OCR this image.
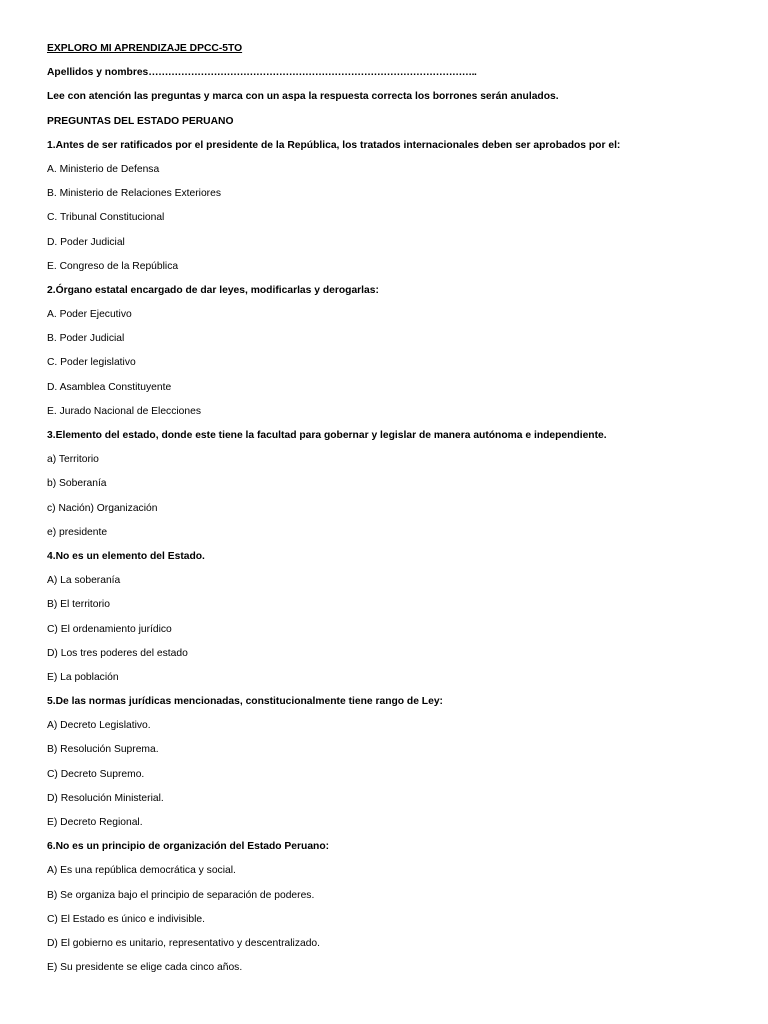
EXPLORO MI APRENDIZAJE DPCC-5TO
Apellidos y nombres………………………………………………………………………………………..
Lee con atención las preguntas y marca con un aspa la respuesta correcta los borrones serán anulados.
PREGUNTAS DEL ESTADO PERUANO
1.Antes de ser ratificados por el presidente de la República, los tratados internacionales deben ser aprobados por el:
A. Ministerio de Defensa
B. Ministerio de Relaciones Exteriores
C. Tribunal Constitucional
D. Poder Judicial
E. Congreso de la República
2.Órgano estatal encargado de dar leyes, modificarlas y derogarlas:
A. Poder Ejecutivo
B. Poder Judicial
C. Poder legislativo
D. Asamblea Constituyente
E. Jurado Nacional de Elecciones
3.Elemento del estado, donde este tiene la facultad para gobernar y legislar de manera autónoma e independiente.
a) Territorio
b) Soberanía
c) Nación) Organización
e) presidente
4.No es un elemento del Estado.
A) La soberanía
B) El territorio
C) El ordenamiento jurídico
D) Los tres poderes del estado
E) La población
5.De las normas jurídicas mencionadas, constitucionalmente tiene rango de Ley:
A) Decreto Legislativo.
B) Resolución Suprema.
C) Decreto Supremo.
D) Resolución Ministerial.
E) Decreto Regional.
6.No es un principio de organización del Estado Peruano:
A) Es una república democrática y social.
B) Se organiza bajo el principio de separación de poderes.
C) El Estado es único e indivisible.
D) El gobierno es unitario, representativo y descentralizado.
E) Su presidente se elige cada cinco años.
